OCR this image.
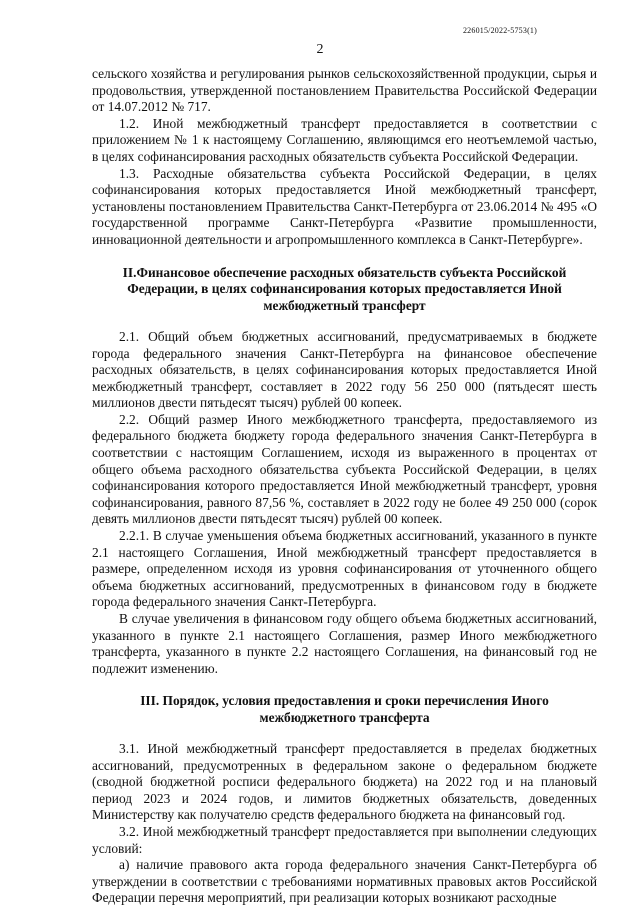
226015/2022-5753(1)
2

сельского хозяйства и регулирования рынков сельскохозяйственной продукции, сырья и продовольствия, утвержденной постановлением Правительства Российской Федерации от 14.07.2012 № 717.

1.2. Иной межбюджетный трансферт предоставляется в соответствии с приложением № 1 к настоящему Соглашению, являющимся его неотъемлемой частью, в целях софинансирования расходных обязательств субъекта Российской Федерации.

1.3. Расходные обязательства субъекта Российской Федерации, в целях софинансирования которых предоставляется Иной межбюджетный трансферт, установлены постановлением Правительства Санкт-Петербурга от 23.06.2014 № 495 «О государственной программе Санкт-Петербурга «Развитие промышленности, инновационной деятельности и агропромышленного комплекса в Санкт-Петербурге».

II.Финансовое обеспечение расходных обязательств субъекта Российской Федерации, в целях софинансирования которых предоставляется Иной межбюджетный трансферт

2.1. Общий объем бюджетных ассигнований, предусматриваемых в бюджете города федерального значения Санкт-Петербурга на финансовое обеспечение расходных обязательств, в целях софинансирования которых предоставляется Иной межбюджетный трансферт, составляет в 2022 году 56 250 000 (пятьдесят шесть миллионов двести пятьдесят тысяч) рублей 00 копеек.

2.2. Общий размер Иного межбюджетного трансферта, предоставляемого из федерального бюджета бюджету города федерального значения Санкт-Петербурга в соответствии с настоящим Соглашением, исходя из выраженного в процентах от общего объема расходного обязательства субъекта Российской Федерации, в целях софинансирования которого предоставляется Иной межбюджетный трансферт, уровня софинансирования, равного 87,56 %, составляет в 2022 году не более 49 250 000 (сорок девять миллионов двести пятьдесят тысяч) рублей 00 копеек.

2.2.1. В случае уменьшения объема бюджетных ассигнований, указанного в пункте 2.1 настоящего Соглашения, Иной межбюджетный трансферт предоставляется в размере, определенном исходя из уровня софинансирования от уточненного общего объема бюджетных ассигнований, предусмотренных в финансовом году в бюджете города федерального значения Санкт-Петербурга.

В случае увеличения в финансовом году общего объема бюджетных ассигнований, указанного в пункте 2.1 настоящего Соглашения, размер Иного межбюджетного трансферта, указанного в пункте 2.2 настоящего Соглашения, на финансовый год не подлежит изменению.

III. Порядок, условия предоставления и сроки перечисления Иного межбюджетного трансферта

3.1. Иной межбюджетный трансферт предоставляется в пределах бюджетных ассигнований, предусмотренных в федеральном законе о федеральном бюджете (сводной бюджетной росписи федерального бюджета) на 2022 год и на плановый период 2023 и 2024 годов, и лимитов бюджетных обязательств, доведенных Министерству как получателю средств федерального бюджета на финансовый год.

3.2. Иной межбюджетный трансферт предоставляется при выполнении следующих условий:

а) наличие правового акта города федерального значения Санкт-Петербурга об утверждении в соответствии с требованиями нормативных правовых актов Российской Федерации перечня мероприятий, при реализации которых возникают расходные
